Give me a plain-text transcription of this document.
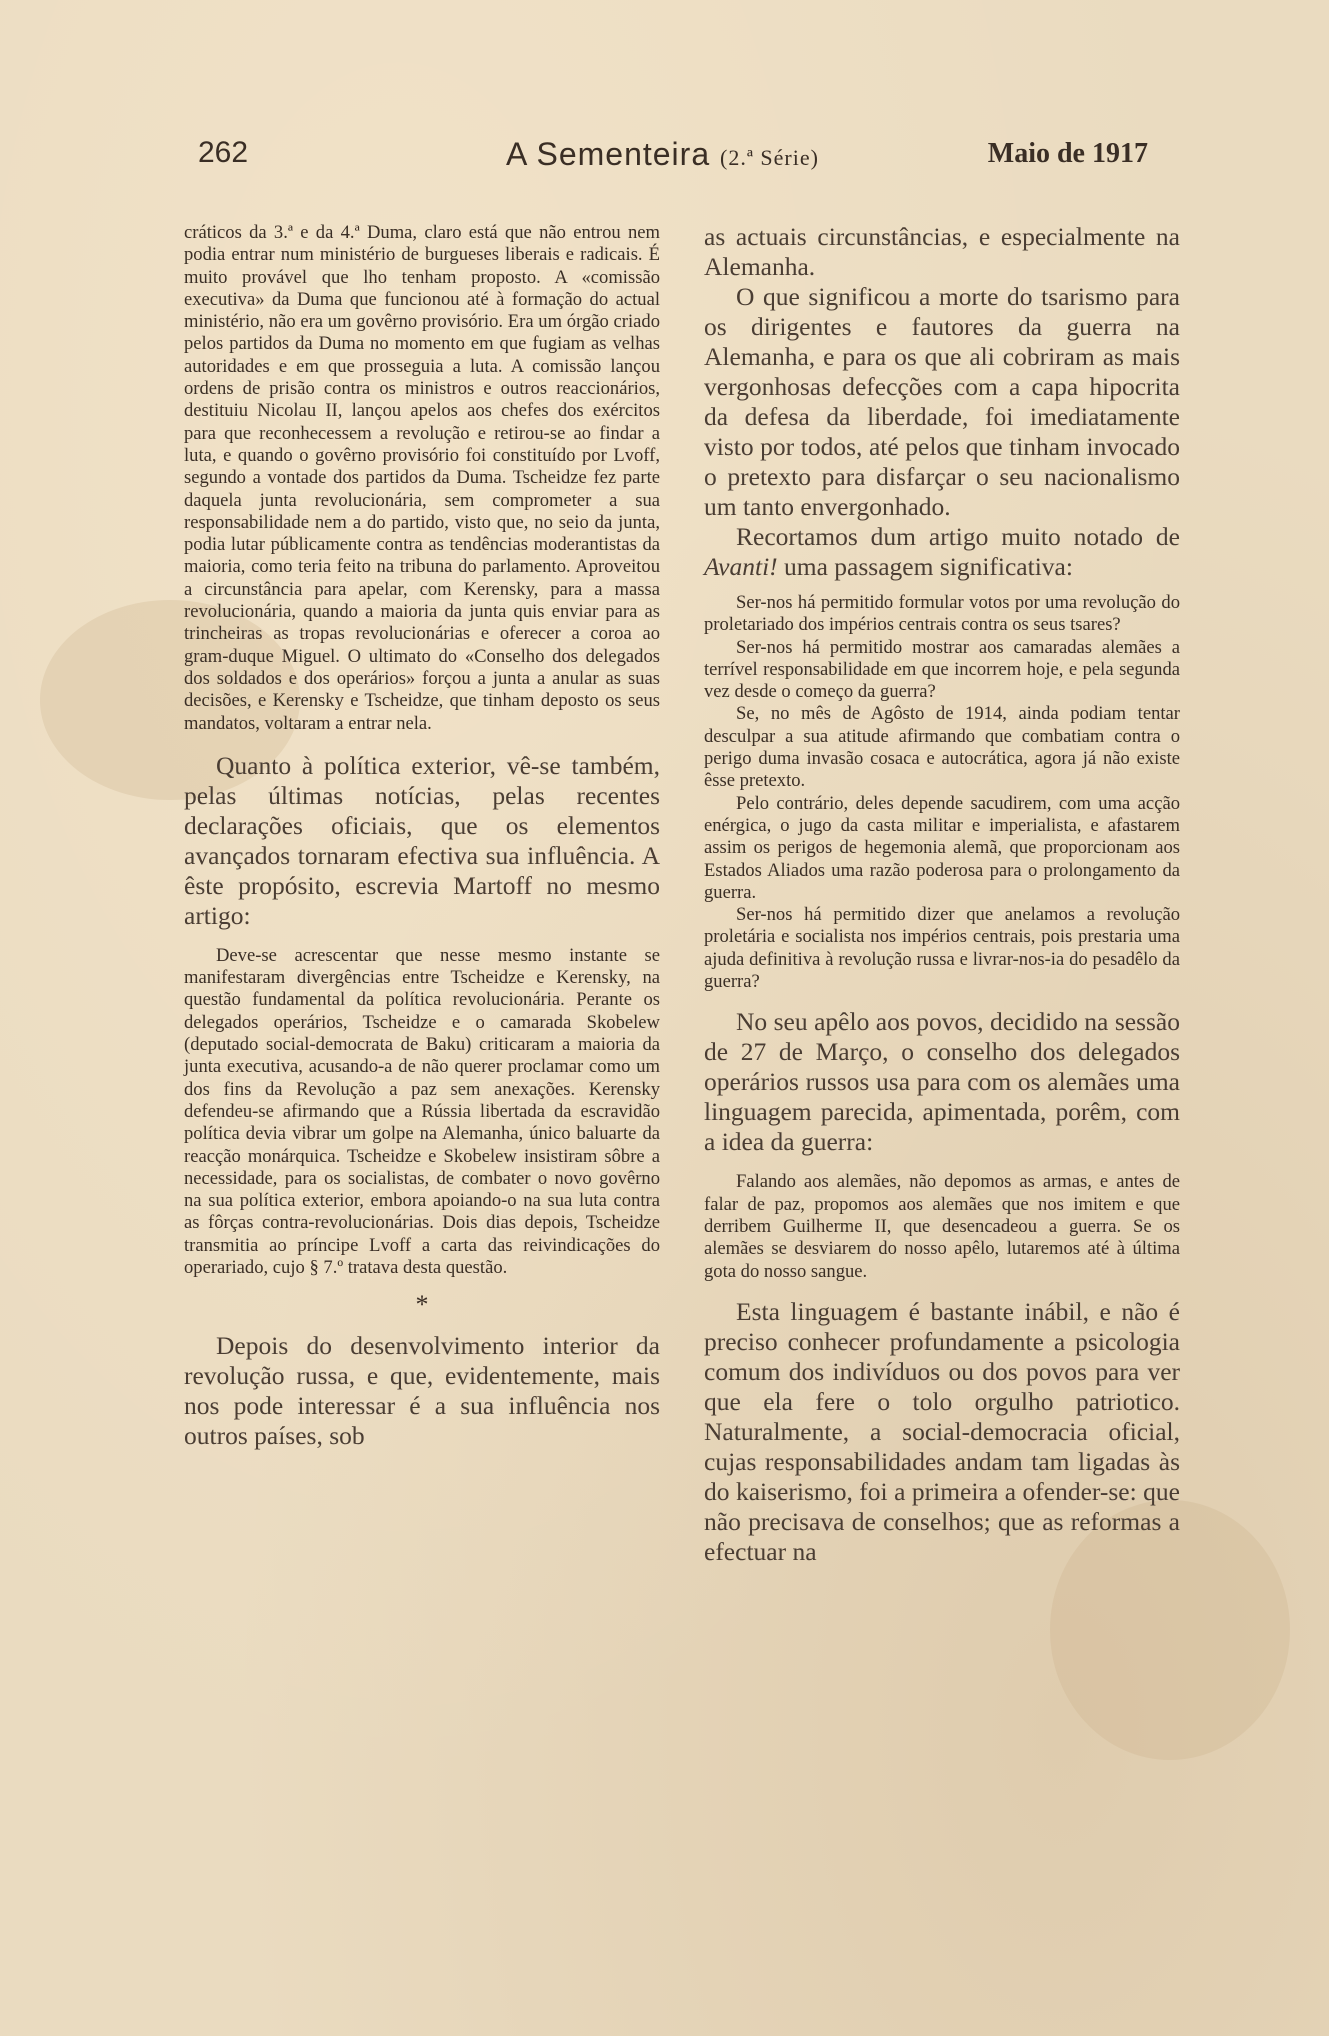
262	A Sementeira (2.ª Série)	Maio de 1917

cráticos da 3.ª e da 4.ª Duma, claro está que não entrou nem podia entrar num ministério de burgueses liberais e radicais. É muito provável que lho tenham proposto. A «comissão executiva» da Duma que funcionou até à formação do actual ministério, não era um govêrno provisório. Era um órgão criado pelos partidos da Duma no momento em que fugiam as velhas autoridades e em que prosseguia a luta. A comissão lançou ordens de prisão contra os ministros e outros reaccionários, destituiu Nicolau II, lançou apelos aos chefes dos exércitos para que reconhecessem a revolução e retirou-se ao findar a luta, e quando o govêrno provisório foi constituído por Lvoff, segundo a vontade dos partidos da Duma. Tscheidze fez parte daquela junta revolucionária, sem comprometer a sua responsabilidade nem a do partido, visto que, no seio da junta, podia lutar públicamente contra as tendências moderantistas da maioria, como teria feito na tribuna do parlamento. Aproveitou a circunstância para apelar, com Kerensky, para a massa revolucionária, quando a maioria da junta quis enviar para as trincheiras as tropas revolucionárias e oferecer a coroa ao gram-duque Miguel. O ultimato do «Conselho dos delegados dos soldados e dos operários» forçou a junta a anular as suas decisões, e Kerensky e Tscheidze, que tinham deposto os seus mandatos, voltaram a entrar nela.

Quanto à política exterior, vê-se também, pelas últimas notícias, pelas recentes declarações oficiais, que os elementos avançados tornaram efectiva sua influência. A êste propósito, escrevia Martoff no mesmo artigo:

Deve-se acrescentar que nesse mesmo instante se manifestaram divergências entre Tscheidze e Kerensky, na questão fundamental da política revolucionária. Perante os delegados operários, Tscheidze e o camarada Skobelew (deputado social-democrata de Baku) criticaram a maioria da junta executiva, acusando-a de não querer proclamar como um dos fins da Revolução a paz sem anexações. Kerensky defendeu-se afirmando que a Rússia libertada da escravidão política devia vibrar um golpe na Alemanha, único baluarte da reacção monárquica. Tscheidze e Skobelew insistiram sôbre a necessidade, para os socialistas, de combater o novo govêrno na sua política exterior, embora apoiando-o na sua luta contra as fôrças contra-revolucionárias. Dois dias depois, Tscheidze transmitia ao príncipe Lvoff a carta das reivindicações do operariado, cujo § 7.º tratava desta questão.

*

Depois do desenvolvimento interior da revolução russa, e que, evidentemente, mais nos pode interessar é a sua influência nos outros países, sob

as actuais circunstâncias, e especialmente na Alemanha.

O que significou a morte do tsarismo para os dirigentes e fautores da guerra na Alemanha, e para os que ali cobriram as mais vergonhosas defecções com a capa hipocrita da defesa da liberdade, foi imediatamente visto por todos, até pelos que tinham invocado o pretexto para disfarçar o seu nacionalismo um tanto envergonhado.

Recortamos dum artigo muito notado de Avanti! uma passagem significativa:

Ser-nos há permitido formular votos por uma revolução do proletariado dos impérios centrais contra os seus tsares?

Ser-nos há permitido mostrar aos camaradas alemães a terrível responsabilidade em que incorrem hoje, e pela segunda vez desde o começo da guerra?

Se, no mês de Agôsto de 1914, ainda podiam tentar desculpar a sua atitude afirmando que combatiam contra o perigo duma invasão cosaca e autocrática, agora já não existe êsse pretexto.

Pelo contrário, deles depende sacudirem, com uma acção enérgica, o jugo da casta militar e imperialista, e afastarem assim os perigos de hegemonia alemã, que proporcionam aos Estados Aliados uma razão poderosa para o prolongamento da guerra.

Ser-nos há permitido dizer que anelamos a revolução proletária e socialista nos impérios centrais, pois prestaria uma ajuda definitiva à revolução russa e livrar-nos-ia do pesadêlo da guerra?

No seu apêlo aos povos, decidido na sessão de 27 de Março, o conselho dos delegados operários russos usa para com os alemães uma linguagem parecida, apimentada, porêm, com a idea da guerra:

Falando aos alemães, não depomos as armas, e antes de falar de paz, propomos aos alemães que nos imitem e que derribem Guilherme II, que desencadeou a guerra. Se os alemães se desviarem do nosso apêlo, lutaremos até à última gota do nosso sangue.

Esta linguagem é bastante inábil, e não é preciso conhecer profundamente a psicologia comum dos indivíduos ou dos povos para ver que ela fere o tolo orgulho patriotico. Naturalmente, a social-democracia oficial, cujas responsabilidades andam tam ligadas às do kaiserismo, foi a primeira a ofender-se: que não precisava de conselhos; que as reformas a efectuar na
